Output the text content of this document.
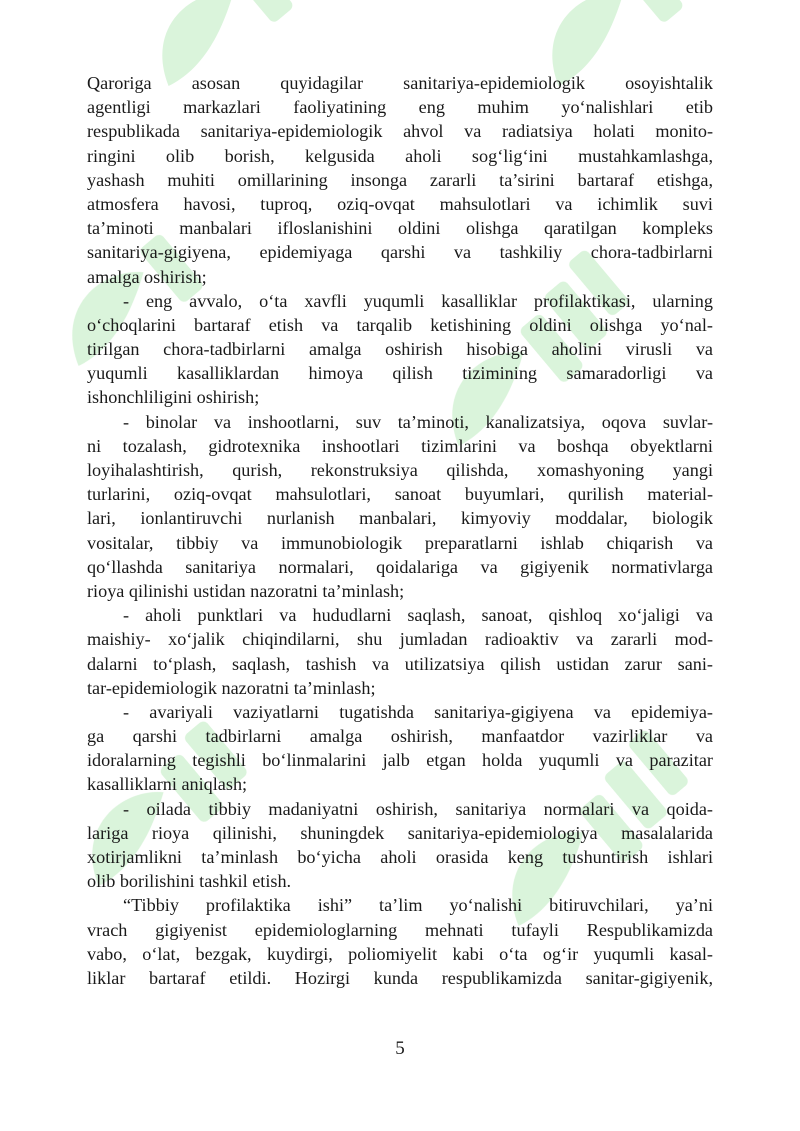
Qaroriga asosan quyidagilar sanitariya-epidemiologik osoyishtalik
agentligi markazlari faoliyatining eng muhim yo‘nalishlari etib
respublikada sanitariya-epidemiologik ahvol va radiatsiya holati monito-
ringini olib borish, kelgusida aholi sog‘lig‘ini mustahkamlashga,
yashash muhiti omillarining insonga zararli ta’sirini bartaraf etishga,
atmosfera havosi, tuproq, oziq-ovqat mahsulotlari va ichimlik suvi
ta’minoti manbalari ifloslanishini oldini olishga qaratilgan kompleks
sanitariya-gigiyena, epidemiyaga qarshi va tashkiliy chora-tadbirlarni
amalga oshirish;
- eng avvalo, o‘ta xavfli yuqumli kasalliklar profilaktikasi, ularning
o‘choqlarini bartaraf etish va tarqalib ketishining oldini olishga yo‘nal-
tirilgan chora-tadbirlarni amalga oshirish hisobiga aholini virusli va
yuqumli kasalliklardan himoya qilish tizimining samaradorligi va
ishonchliligini oshirish;
- binolar va inshootlarni, suv ta’minoti, kanalizatsiya, oqova suvlar-
ni tozalash, gidrotexnika inshootlari tizimlarini va boshqa obyektlarni
loyihalashtirish, qurish, rekonstruksiya qilishda, xomashyoning yangi
turlarini, oziq-ovqat mahsulotlari, sanoat buyumlari, qurilish material-
lari, ionlantiruvchi nurlanish manbalari, kimyoviy moddalar, biologik
vositalar, tibbiy va immunobiologik preparatlarni ishlab chiqarish va
qo‘llashda sanitariya normalari, qoidalariga va gigiyenik normativlarga
rioya qilinishi ustidan nazoratni ta’minlash;
- aholi punktlari va hududlarni saqlash, sanoat, qishloq xo‘jaligi va
maishiy- xo‘jalik chiqindilarni, shu jumladan radioaktiv va zararli mod-
dalarni to‘plash, saqlash, tashish va utilizatsiya qilish ustidan zarur sani-
tar-epidemiologik nazoratni ta’minlash;
- avariyali vaziyatlarni tugatishda sanitariya-gigiyena va epidemiya-
ga qarshi tadbirlarni amalga oshirish, manfaatdor vazirliklar va
idoralarning tegishli bo‘linmalarini jalb etgan holda yuqumli va parazitar
kasalliklarni aniqlash;
- oilada tibbiy madaniyatni oshirish, sanitariya normalari va qoida-
lariga rioya qilinishi, shuningdek sanitariya-epidemiologiya masalalarida
xotirjamlikni ta’minlash bo‘yicha aholi orasida keng tushuntirish ishlari
olib borilishini tashkil etish.
“Tibbiy profilaktika ishi” ta’lim yo‘nalishi bitiruvchilari, ya’ni
vrach gigiyenist epidemiologlarning mehnati tufayli Respublikamizda
vabo, o‘lat, bezgak, kuydirgi, poliomiyelit kabi o‘ta og‘ir yuqumli kasal-
liklar bartaraf etildi. Hozirgi kunda respublikamizda sanitar-gigiyenik,
5
